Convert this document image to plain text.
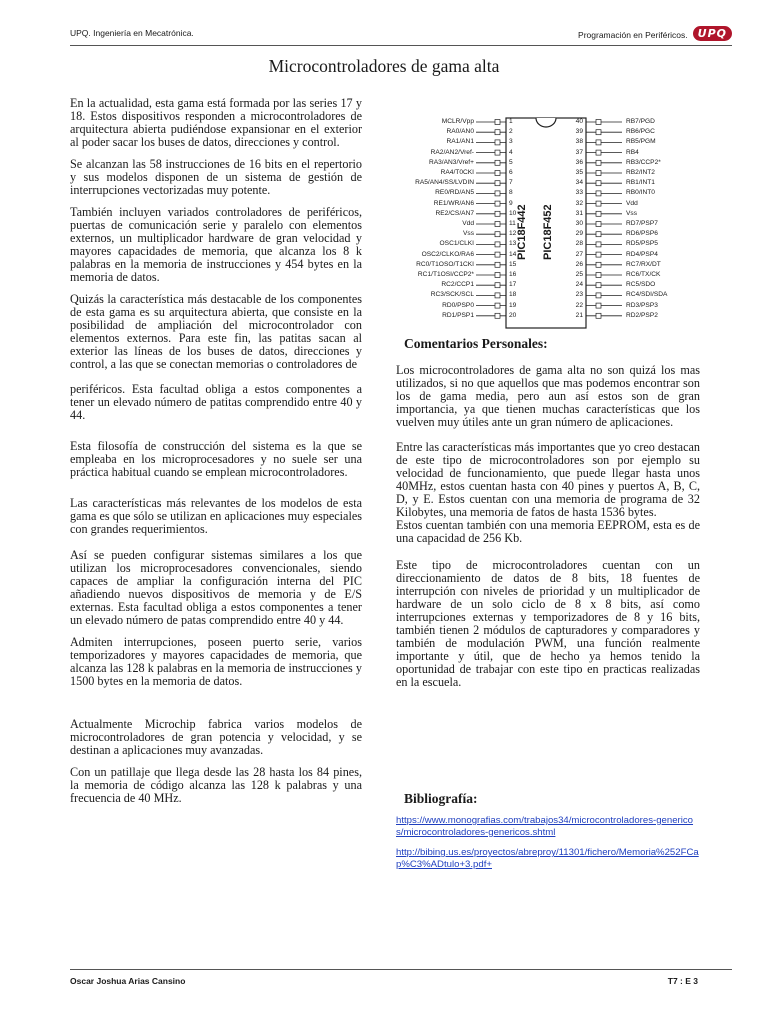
UPQ. Ingeniería en Mecatrónica.	Programación en Periféricos. UPQ
Microcontroladores de gama alta

En la actualidad, esta gama está formada por las series 17 y 18. Estos dispositivos responden a microcontroladores de arquitectura abierta pudiéndose expansionar en el exterior al poder sacar los buses de datos, direcciones y control.

Se alcanzan las 58 instrucciones de 16 bits en el repertorio y sus modelos disponen de un sistema de gestión de interrupciones vectorizadas muy potente.

También incluyen variados controladores de periféricos, puertas de comunicación serie y paralelo con elementos externos, un multiplicador hardware de gran velocidad y mayores capacidades de memoria, que alcanza los 8 k palabras en la memoria de instrucciones y 454 bytes en la memoria de datos.

Quizás la característica más destacable de los componentes de esta gama es su arquitectura abierta, que consiste en la posibilidad de ampliación del microcontrolador con elementos externos. Para este fin, las patitas sacan al exterior las líneas de los buses de datos, direcciones y control, a las que se conectan memorias o controladores de

periféricos. Esta facultad obliga a estos componentes a tener un elevado número de patitas comprendido entre 40 y 44.

Esta filosofía de construcción del sistema es la que se empleaba en los microprocesadores y no suele ser una práctica habitual cuando se emplean microcontroladores.

Las características más relevantes de los modelos de esta gama es que sólo se utilizan en aplicaciones muy especiales con grandes requerimientos.

Así se pueden configurar sistemas similares a los que utilizan los microprocesadores convencionales, siendo capaces de ampliar la configuración interna del PIC añadiendo nuevos dispositivos de memoria y de E/S externas. Esta facultad obliga a estos componentes a tener un elevado número de patas comprendido entre 40 y 44.

Admiten interrupciones, poseen puerto serie, varios temporizadores y mayores capacidades de memoria, que alcanza las 128 k palabras en la memoria de instrucciones y 1500 bytes en la memoria de datos.

Actualmente Microchip fabrica varios modelos de microcontroladores de gran potencia y velocidad, y se destinan a aplicaciones muy avanzadas.

Con un patillaje que llega desde las 28 hasta los 84 pines, la memoria de código alcanza las 128 k palabras y una frecuencia de 40 MHz.

MCLR/Vpp	1
RA0/AN0	2
RA1/AN1	3
RA2/AN2/Vref-	4
RA3/AN3/Vref+	5
RA4/T0CKI	6
RA5/AN4/SS/LVDIN	7
RE0/RD/AN5	8
RE1/WR/AN6	9
RE2/CS/AN7	10
Vdd	11
Vss	12
OSC1/CLKI	13
OSC2/CLKO/RA6	14
RC0/T1OSO/T1CKI	15
RC1/T1OSI/CCP2*	16
RC2/CCP1	17
RC3/SCK/SCL	18
RD0/PSP0	19
RD1/PSP1	20
RB7/PGD
40
RB6/PGC
39
RB5/PGM
38
RB4
37
RB3/CCP2*
36
RB2/INT2
35
RB1/INT1
34
RB0/INT0
33
Vdd
32
Vss
31
RD7/PSP7
30
RD6/PSP6
29
RD5/PSP5
28
RD4/PSP4
27
RC7/RX/DT
26
RC6/TX/CK
25
RC5/SDO
24
RC4/SDI/SDA
23
RD3/PSP3
22
RD2/PSP2
21
PIC18F442 PIC18F452
Comentarios Personales:

Los microcontroladores de gama alta no son quizá los mas utilizados, si no que aquellos que mas podemos encontrar son los de gama media, pero aun así estos son de gran importancia, ya que tienen muchas características que los vuelven muy útiles ante un gran número de aplicaciones.

Entre las características más importantes que yo creo destacan de este tipo de microcontroladores son por ejemplo su velocidad de funcionamiento, que puede llegar hasta unos 40MHz, estos cuentan hasta con 40 pines y puertos A, B, C, D, y E. Estos cuentan con una memoria de programa de 32 Kilobytes, una memoria de fatos de hasta 1536 bytes.

Estos cuentan también con una memoria EEPROM, esta es de una capacidad de 256 Kb.

Este tipo de microcontroladores cuentan con un direccionamiento de datos de 8 bits, 18 fuentes de interrupción con niveles de prioridad y un multiplicador de hardware de un solo ciclo de 8 x 8 bits, así como interrupciones externas y temporizadores de 8 y 16 bits, también tienen 2 módulos de capturadores y comparadores y también de modulación PWM, una función realmente importante y útil, que de hecho ya hemos tenido la oportunidad de trabajar con este tipo en practicas realizadas en la escuela.

Bibliografía:
https://www.monografias.com/trabajos34/microcontroladores-genericos/microcontroladores-genericos.shtml
http://bibing.us.es/proyectos/abreproy/11301/fichero/Memoria%252FCap%C3%ADtulo+3.pdf+
Oscar Joshua Arias Cansino	T7 : E 3
